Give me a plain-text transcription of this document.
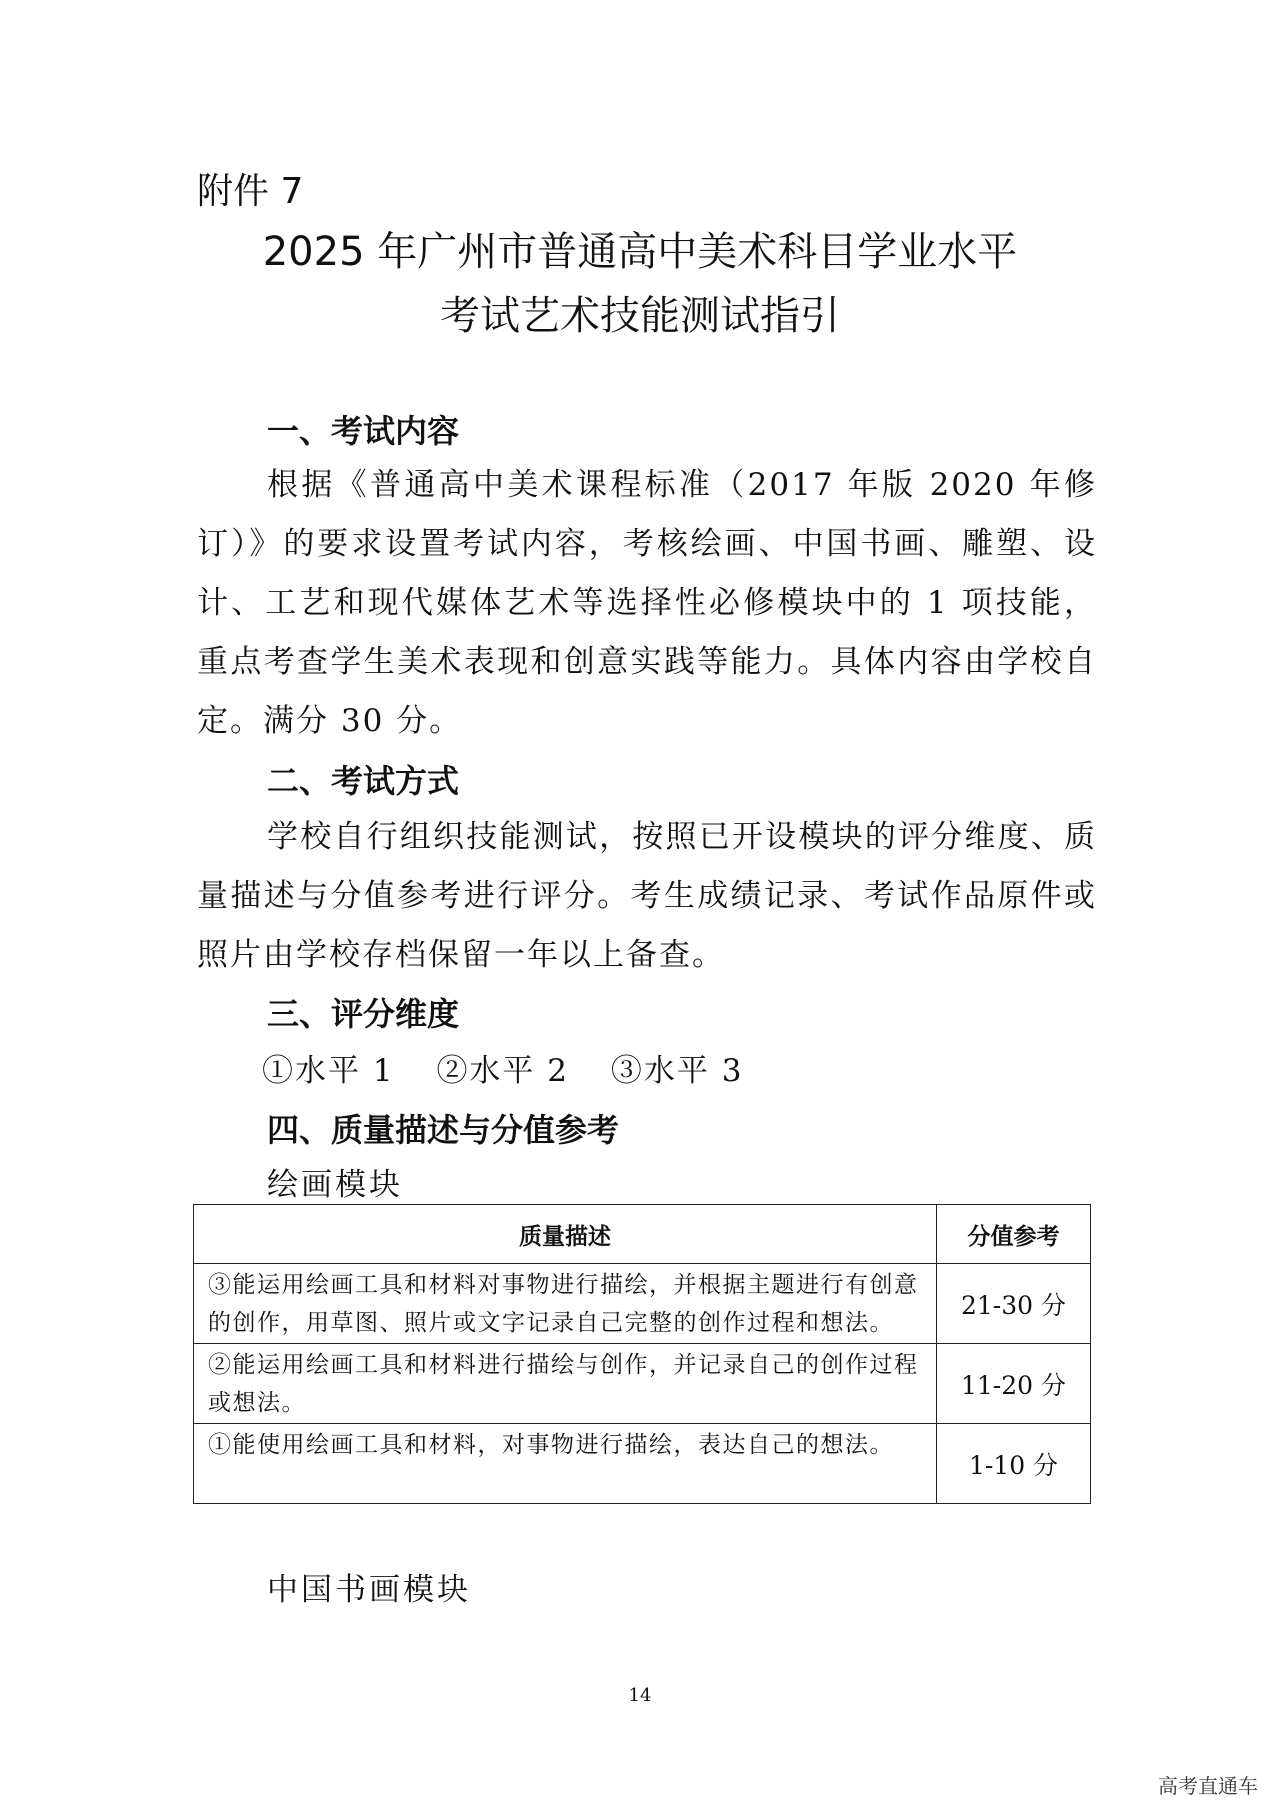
附件 7
2025 年广州市普通高中美术科目学业水平
考试艺术技能测试指引
一、考试内容
根据《普通高中美术课程标准（2017 年版 2020 年修订）》的要求设置考试内容，考核绘画、中国书画、雕塑、设计、工艺和现代媒体艺术等选择性必修模块中的 1 项技能，重点考查学生美术表现和创意实践等能力。具体内容由学校自定。满分 30 分。
二、考试方式
学校自行组织技能测试，按照已开设模块的评分维度、质量描述与分值参考进行评分。考生成绩记录、考试作品原件或照片由学校存档保留一年以上备查。
三、评分维度
①水平 1 ②水平 2 ③水平 3
四、质量描述与分值参考
绘画模块
质量描述	分值参考
③能运用绘画工具和材料对事物进行描绘，并根据主题进行有创意的创作，用草图、照片或文字记录自己完整的创作过程和想法。	21-30 分
②能运用绘画工具和材料进行描绘与创作，并记录自己的创作过程或想法。	11-20 分
①能使用绘画工具和材料，对事物进行描绘，表达自己的想法。	1-10 分
中国书画模块
14
高考直通车
